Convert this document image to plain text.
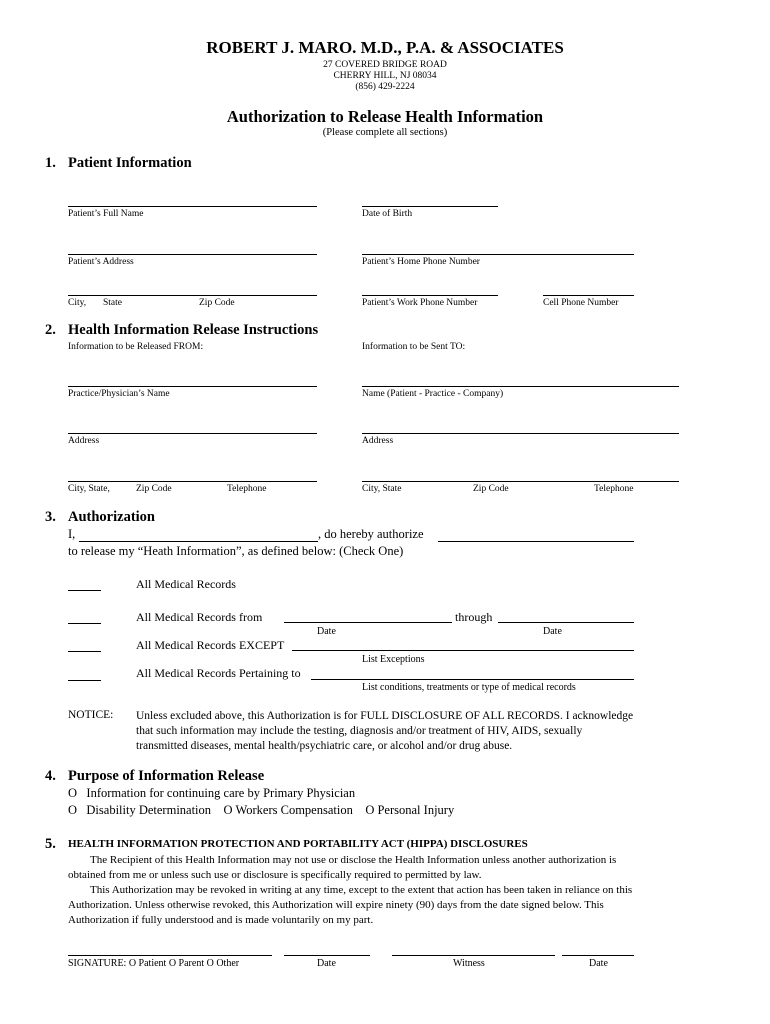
ROBERT J. MARO. M.D., P.A. & ASSOCIATES
27 COVERED BRIDGE ROAD
CHERRY HILL, NJ 08034
(856) 429-2224
Authorization to Release Health Information
(Please complete all sections)
1. Patient Information
Patient’s Full Name	Date of Birth
Patient’s Address	Patient’s Home Phone Number
City, State	Zip Code	Patient’s Work Phone Number	Cell Phone Number
2. Health Information Release Instructions
Information to be Released FROM:	Information to be Sent TO:
Practice/Physician’s Name	Name (Patient - Practice - Company)
Address	Address
City, State,	Zip Code	Telephone	City, State	Zip Code	Telephone
3. Authorization
I,	, do hereby authorize
to release my “Heath Information”, as defined below: (Check One)
All Medical Records
All Medical Records from	through
Date	Date
All Medical Records EXCEPT
List Exceptions
All Medical Records Pertaining to
List conditions, treatments or type of medical records
NOTICE: Unless excluded above, this Authorization is for FULL DISCLOSURE OF ALL RECORDS. I acknowledge that such information may include the testing, diagnosis and/or treatment of HIV, AIDS, sexually transmitted diseases, mental health/psychiatric care, or alcohol and/or drug abuse.
4. Purpose of Information Release
O   Information for continuing care by Primary Physician
O   Disability Determination    O Workers Compensation    O Personal Injury
5. HEALTH INFORMATION PROTECTION AND PORTABILITY ACT (HIPPA) DISCLOSURES
The Recipient of this Health Information may not use or disclose the Health Information unless another authorization is obtained from me or unless such use or disclosure is specifically required to permitted by law.
This Authorization may be revoked in writing at any time, except to the extent that action has been taken in reliance on this Authorization. Unless otherwise revoked, this Authorization will expire ninety (90) days from the date signed below. This Authorization if fully understood and is made voluntarily on my part.
SIGNATURE: O Patient O Parent O Other	Date	Witness	Date
